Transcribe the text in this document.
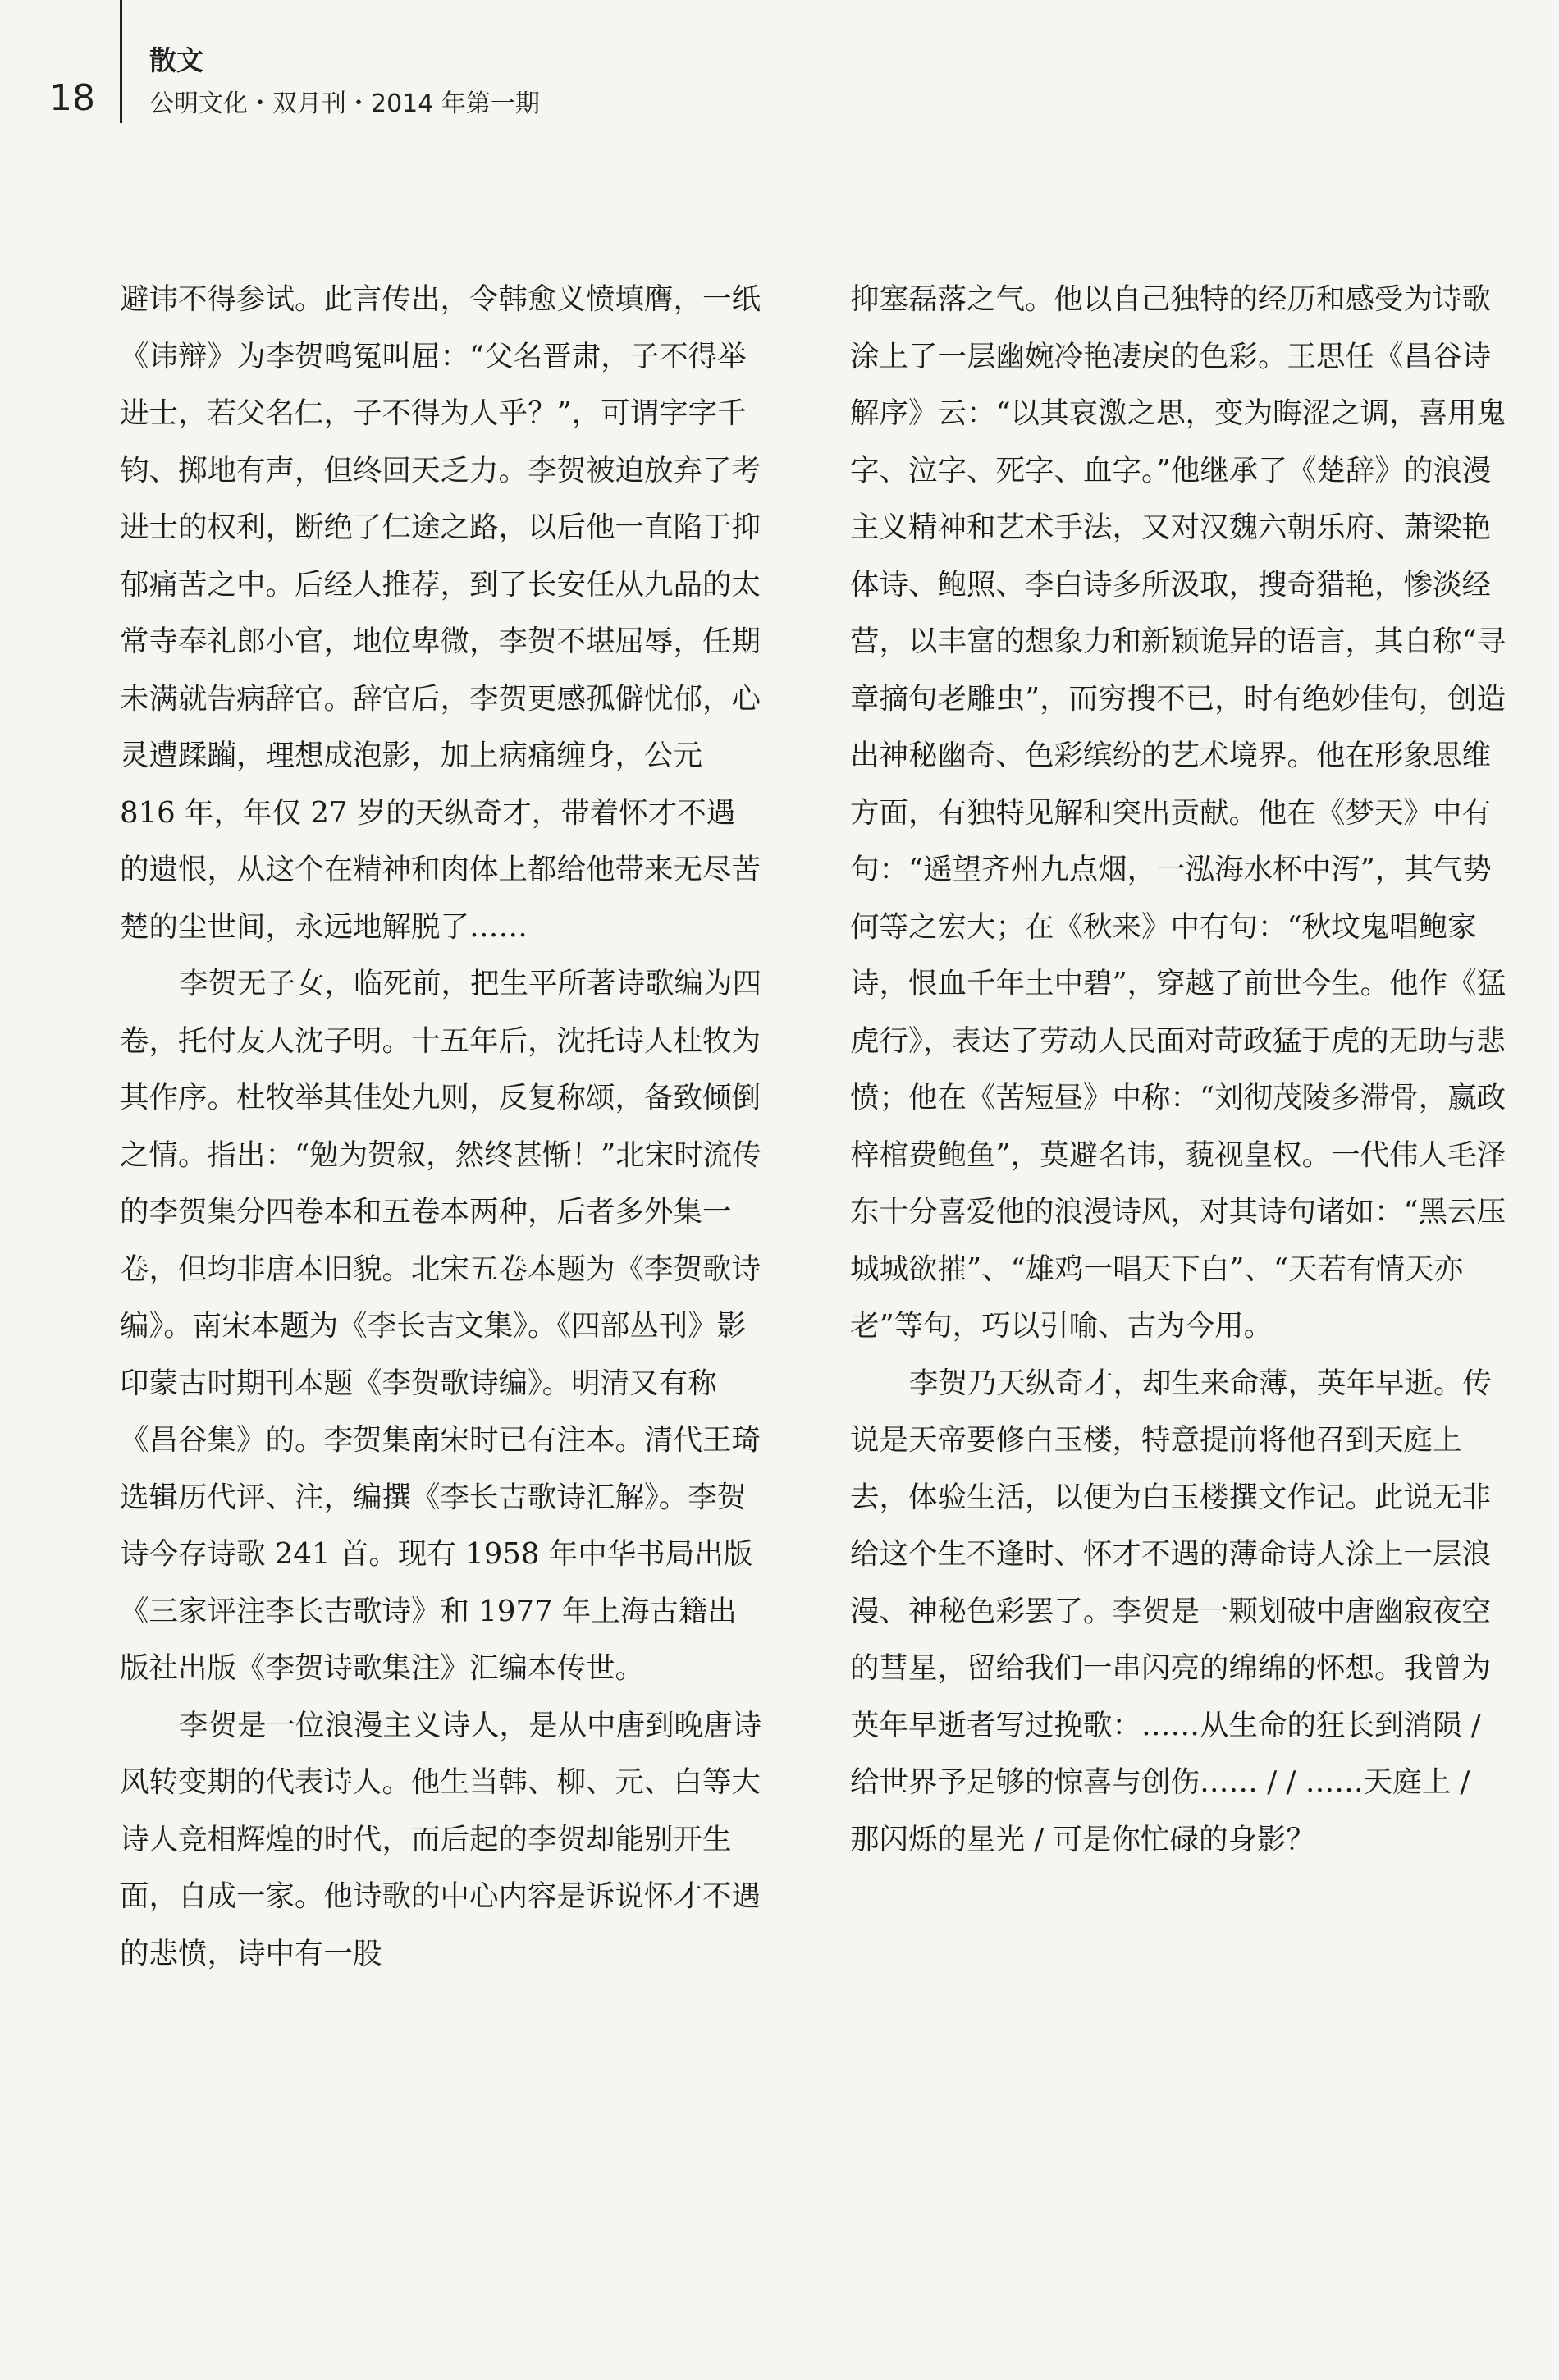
18
散文
公明文化・双月刊・2014 年第一期

避讳不得参试。此言传出，令韩愈义愤填膺，一纸《讳辩》为李贺鸣冤叫屈：“父名晋肃，子不得举进士，若父名仁，子不得为人乎？”，可谓字字千钧、掷地有声，但终回天乏力。李贺被迫放弃了考进士的权利，断绝了仁途之路，以后他一直陷于抑郁痛苦之中。后经人推荐，到了长安任从九品的太常寺奉礼郎小官，地位卑微，李贺不堪屈辱，任期未满就告病辞官。辞官后，李贺更感孤僻忧郁，心灵遭蹂躏，理想成泡影，加上病痛缠身，公元 816 年，年仅 27 岁的天纵奇才，带着怀才不遇的遗恨，从这个在精神和肉体上都给他带来无尽苦楚的尘世间，永远地解脱了……

李贺无子女，临死前，把生平所著诗歌编为四卷，托付友人沈子明。十五年后，沈托诗人杜牧为其作序。杜牧举其佳处九则，反复称颂，备致倾倒之情。指出：“勉为贺叙，然终甚惭！”北宋时流传的李贺集分四卷本和五卷本两种，后者多外集一卷，但均非唐本旧貌。北宋五卷本题为《李贺歌诗编》。南宋本题为《李长吉文集》。《四部丛刊》影印蒙古时期刊本题《李贺歌诗编》。明清又有称《昌谷集》的。李贺集南宋时已有注本。清代王琦选辑历代评、注，编撰《李长吉歌诗汇解》。李贺诗今存诗歌 241 首。现有 1958 年中华书局出版《三家评注李长吉歌诗》和 1977 年上海古籍出版社出版《李贺诗歌集注》汇编本传世。

李贺是一位浪漫主义诗人，是从中唐到晚唐诗风转变期的代表诗人。他生当韩、柳、元、白等大诗人竞相辉煌的时代，而后起的李贺却能别开生面，自成一家。他诗歌的中心内容是诉说怀才不遇的悲愤，诗中有一股

抑塞磊落之气。他以自己独特的经历和感受为诗歌涂上了一层幽婉冷艳凄戾的色彩。王思任《昌谷诗解序》云：“以其哀激之思，变为晦涩之调，喜用鬼字、泣字、死字、血字。”他继承了《楚辞》的浪漫主义精神和艺术手法，又对汉魏六朝乐府、萧梁艳体诗、鲍照、李白诗多所汲取，搜奇猎艳，惨淡经营，以丰富的想象力和新颖诡异的语言，其自称“寻章摘句老雕虫”，而穷搜不已，时有绝妙佳句，创造出神秘幽奇、色彩缤纷的艺术境界。他在形象思维方面，有独特见解和突出贡献。他在《梦天》中有句：“遥望齐州九点烟，一泓海水杯中泻”，其气势何等之宏大；在《秋来》中有句：“秋坟鬼唱鲍家诗，恨血千年土中碧”，穿越了前世今生。他作《猛虎行》，表达了劳动人民面对苛政猛于虎的无助与悲愤；他在《苦短昼》中称：“刘彻茂陵多滞骨，嬴政梓棺费鲍鱼”，莫避名讳，藐视皇权。一代伟人毛泽东十分喜爱他的浪漫诗风，对其诗句诸如：“黑云压城城欲摧”、“雄鸡一唱天下白”、“天若有情天亦老”等句，巧以引喻、古为今用。

李贺乃天纵奇才，却生来命薄，英年早逝。传说是天帝要修白玉楼，特意提前将他召到天庭上去，体验生活，以便为白玉楼撰文作记。此说无非给这个生不逢时、怀才不遇的薄命诗人涂上一层浪漫、神秘色彩罢了。李贺是一颗划破中唐幽寂夜空的彗星，留给我们一串闪亮的绵绵的怀想。我曾为英年早逝者写过挽歌：……从生命的狂长到消陨 / 给世界予足够的惊喜与创伤…… / / ……天庭上 / 那闪烁的星光 / 可是你忙碌的身影？
